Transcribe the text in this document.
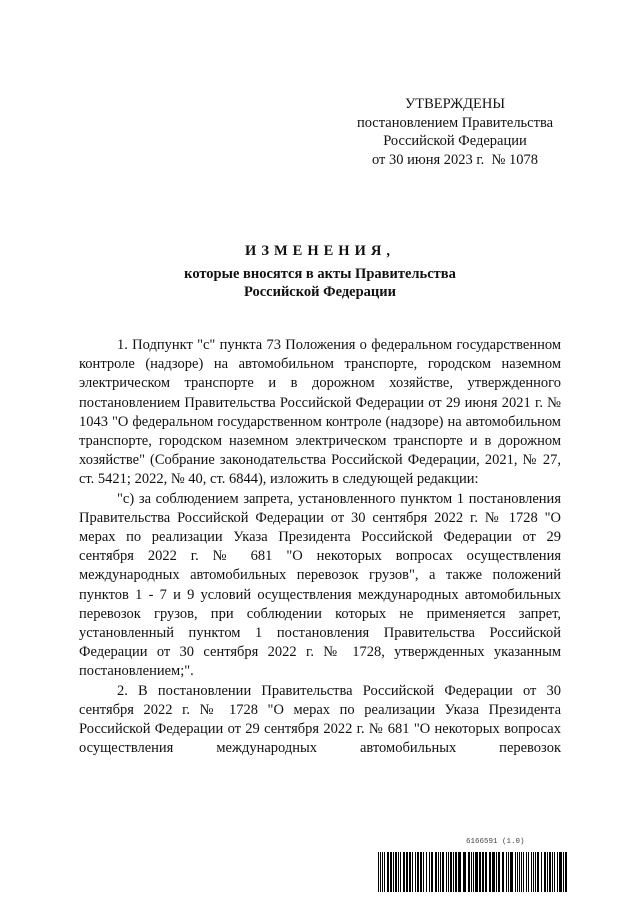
УТВЕРЖДЕНЫ
постановлением Правительства
Российской Федерации
от 30 июня 2023 г.  № 1078
ИЗМЕНЕНИЯ,
которые вносятся в акты Правительства
Российской Федерации

1. Подпункт "с" пункта 73 Положения о федеральном государственном контроле (надзоре) на автомобильном транспорте, городском наземном электрическом транспорте и в дорожном хозяйстве, утвержденного постановлением Правительства Российской Федерации от 29 июня 2021 г. № 1043 "О федеральном государственном контроле (надзоре) на автомобильном транспорте, городском наземном электрическом транспорте и в дорожном хозяйстве" (Собрание законодательства Российской Федерации, 2021, № 27, ст. 5421; 2022, № 40, ст. 6844), изложить в следующей редакции:

"с) за соблюдением запрета, установленного пунктом 1 постановления Правительства Российской Федерации от 30 сентября 2022 г. № 1728 "О мерах по реализации Указа Президента Российской Федерации от 29 сентября 2022 г. № 681 "О некоторых вопросах осуществления международных автомобильных перевозок грузов", а также положений пунктов 1 - 7 и 9 условий осуществления международных автомобильных перевозок грузов, при соблюдении которых не применяется запрет, установленный пунктом 1 постановления Правительства Российской Федерации от 30 сентября 2022 г. № 1728, утвержденных указанным постановлением;".

2. В постановлении Правительства Российской Федерации от 30 сентября 2022 г. № 1728 "О мерах по реализации Указа Президента Российской Федерации от 29 сентября 2022 г. № 681 "О некоторых вопросах осуществления международных автомобильных перевозок

6166591 (1.0)
